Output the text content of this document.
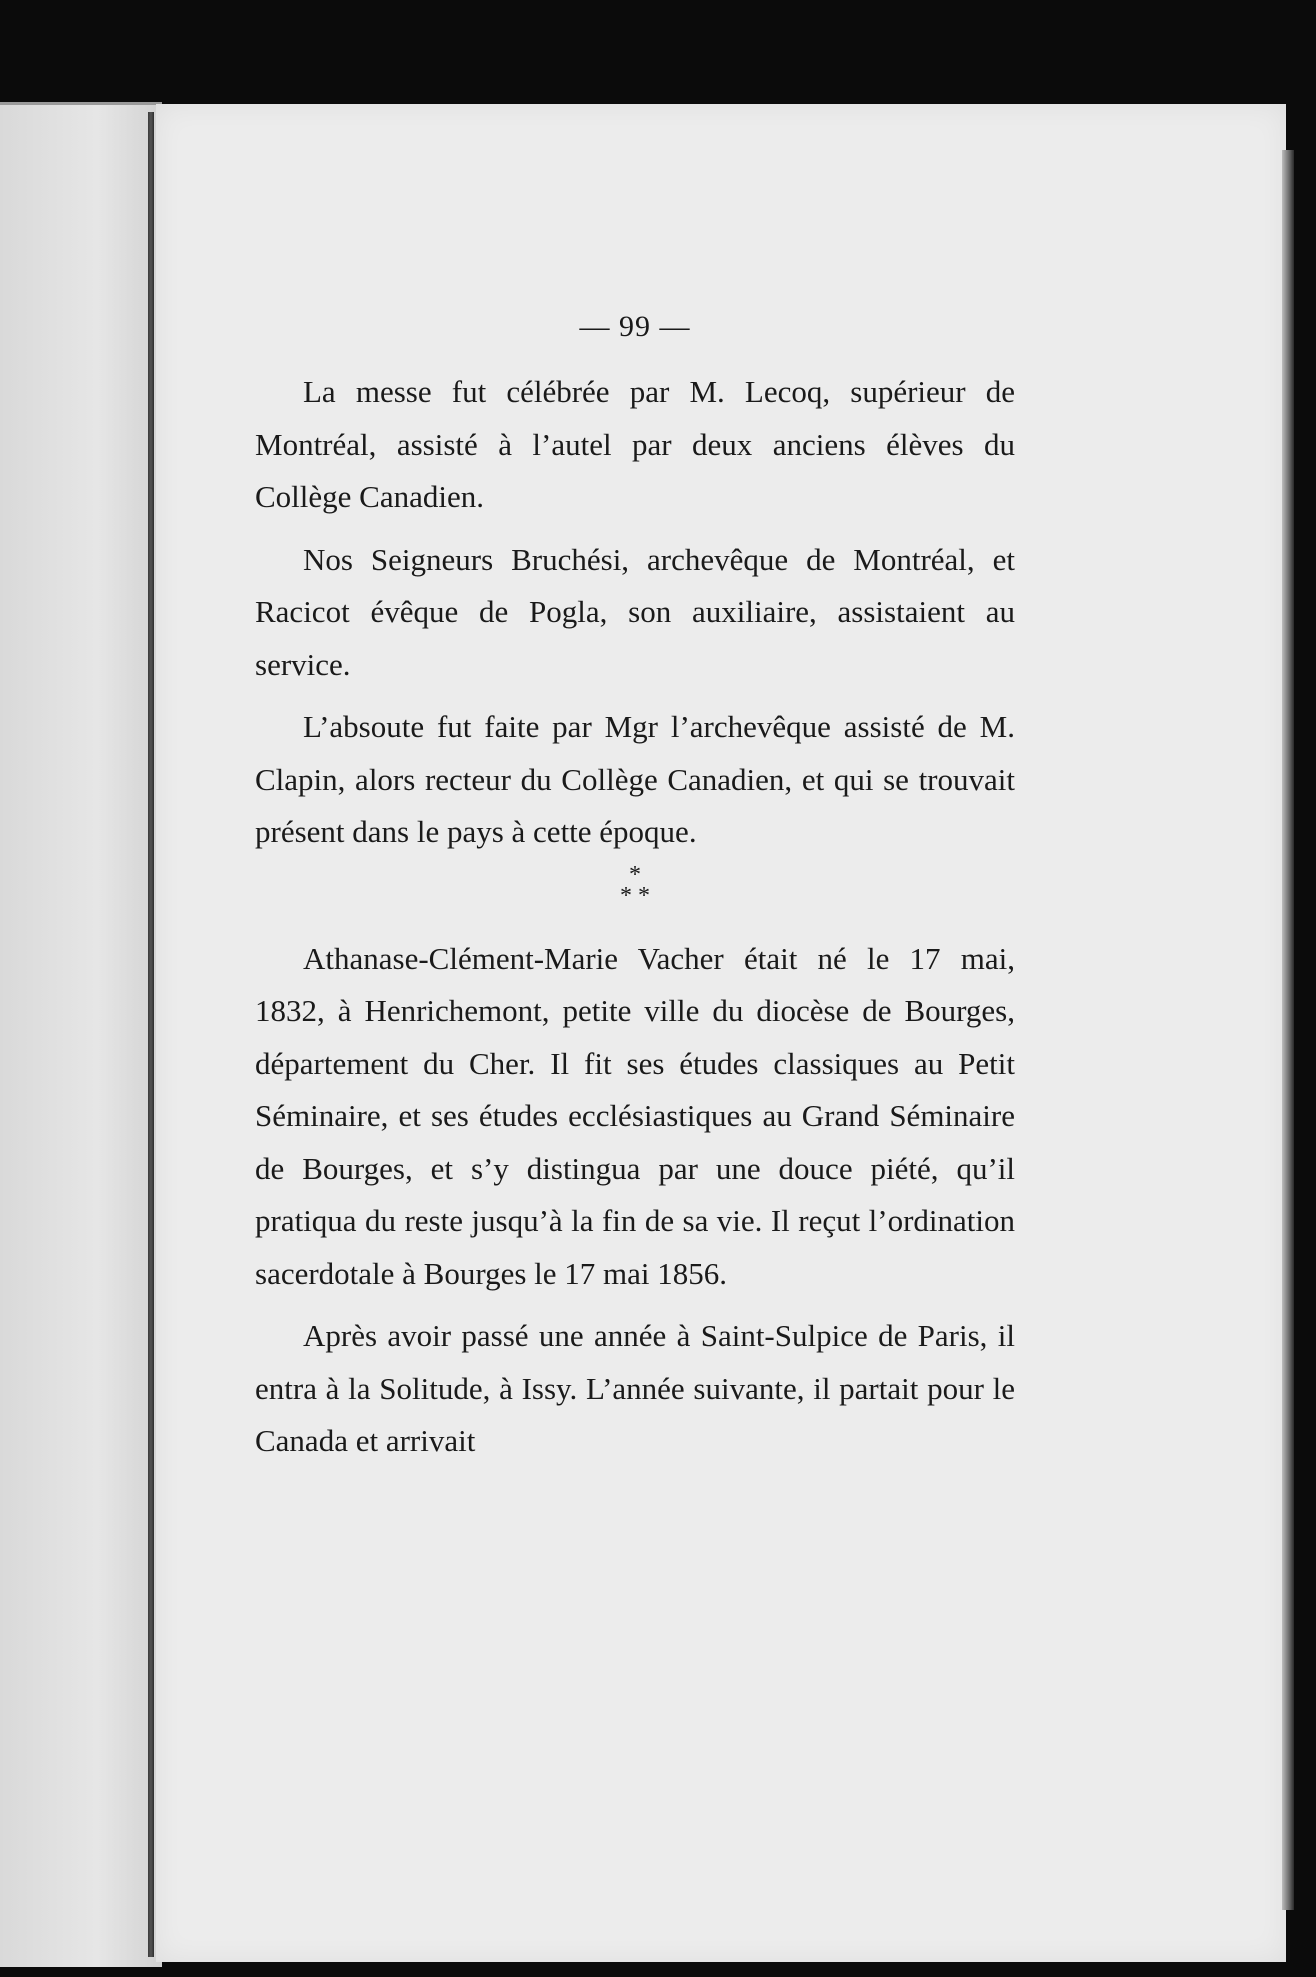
— 99 —

La messe fut célébrée par M. Lecoq, supérieur de Montréal, assisté à l’autel par deux anciens élèves du Collège Canadien.

Nos Seigneurs Bruchési, archevêque de Montréal, et Racicot évêque de Pogla, son auxiliaire, assistaient au service.

L’absoute fut faite par Mgr l’archevêque assisté de M. Clapin, alors recteur du Collège Canadien, et qui se trouvait présent dans le pays à cette époque.

*
* *

Athanase-Clément-Marie Vacher était né le 17 mai, 1832, à Henrichemont, petite ville du diocèse de Bourges, département du Cher. Il fit ses études classiques au Petit Séminaire, et ses études ecclésiastiques au Grand Séminaire de Bourges, et s’y distingua par une douce piété, qu’il pratiqua du reste jusqu’à la fin de sa vie. Il reçut l’ordination sacerdotale à Bourges le 17 mai 1856.

Après avoir passé une année à Saint-Sulpice de Paris, il entra à la Solitude, à Issy. L’année suivante, il partait pour le Canada et arrivait
